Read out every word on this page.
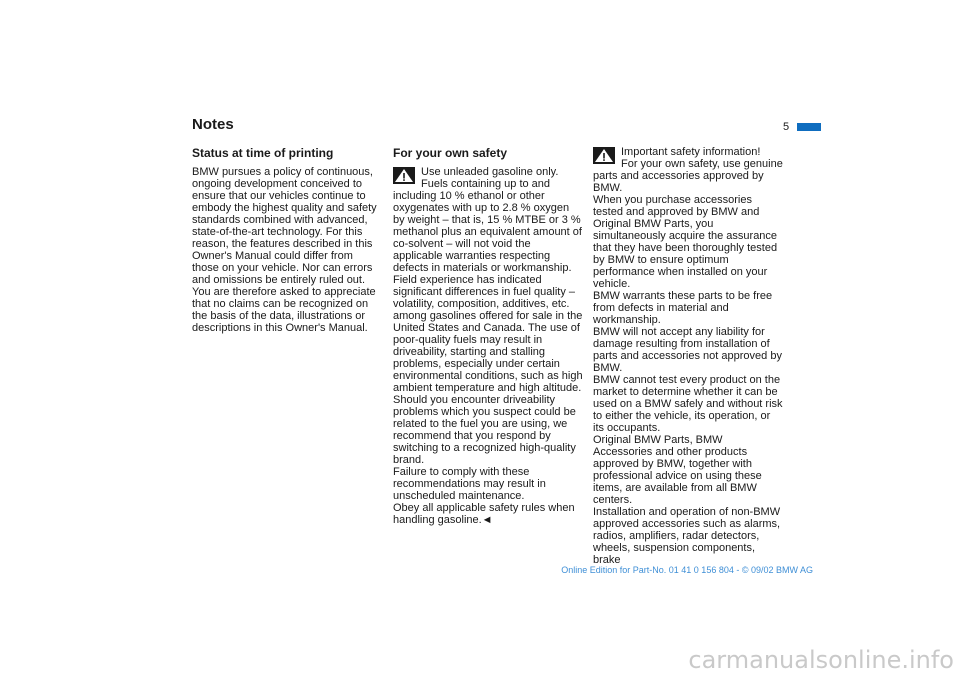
Notes	5
Status at time of printing

BMW pursues a policy of continuous, ongoing development conceived to ensure that our vehicles continue to embody the highest quality and safety standards combined with advanced, state-of-the-art technology. For this reason, the features described in this Owner's Manual could differ from those on your vehicle. Nor can errors and omissions be entirely ruled out. You are therefore asked to appreciate that no claims can be recognized on the basis of the data, illustrations or descriptions in this Owner's Manual.

For your own safety

Use unleaded gasoline only. Fuels containing up to and including 10 % ethanol or other oxygenates with up to 2.8 % oxygen by weight – that is, 15 % MTBE or 3 % methanol plus an equivalent amount of co-solvent – will not void the applicable warranties respecting defects in materials or workmanship. Field experience has indicated significant differences in fuel quality – volatility, composition, additives, etc. among gasolines offered for sale in the United States and Canada. The use of poor-quality fuels may result in driveability, starting and stalling problems, especially under certain environmental conditions, such as high ambient temperature and high altitude. Should you encounter driveability problems which you suspect could be related to the fuel you are using, we recommend that you respond by switching to a recognized high-quality brand.
Failure to comply with these recommendations may result in unscheduled maintenance.
Obey all applicable safety rules when handling gasoline.◄

Important safety information!
For your own safety, use genuine parts and accessories approved by BMW.
When you purchase accessories tested and approved by BMW and Original BMW Parts, you simultaneously acquire the assurance that they have been thoroughly tested by BMW to ensure optimum performance when installed on your vehicle.
BMW warrants these parts to be free from defects in material and workmanship.
BMW will not accept any liability for damage resulting from installation of parts and accessories not approved by BMW.
BMW cannot test every product on the market to determine whether it can be used on a BMW safely and without risk to either the vehicle, its operation, or its occupants.
Original BMW Parts, BMW Accessories and other products approved by BMW, together with professional advice on using these items, are available from all BMW centers.
Installation and operation of non-BMW approved accessories such as alarms, radios, amplifiers, radar detectors, wheels, suspension components, brake

Online Edition for Part-No. 01 41 0 156 804 - © 09/02 BMW AG
carmanualsonline.info
